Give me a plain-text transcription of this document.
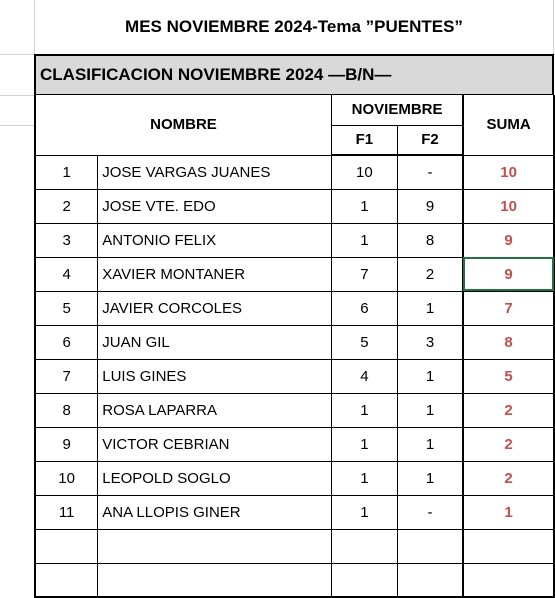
MES NOVIEMBRE 2024-Tema ”PUENTES”
CLASIFICACION NOVIEMBRE 2024 —B/N—
NOMBRE		NOVIEMBRE		SUMA

F1	F2	

1	JOSE VARGAS JUANES	10	-	10
2	JOSE VTE. EDO	1	9	10
3	ANTONIO FELIX	1	8	9
4	XAVIER MONTANER	7	2	9
5	JAVIER CORCOLES	6	1	7
6	JUAN GIL	5	3	8
7	LUIS GINES	4	1	5
8	ROSA LAPARRA	1	1	2
9	VICTOR CEBRIAN	1	1	2
10	LEOPOLD SOGLO	1	1	2
11	ANA LLOPIS GINER	1	-	1
